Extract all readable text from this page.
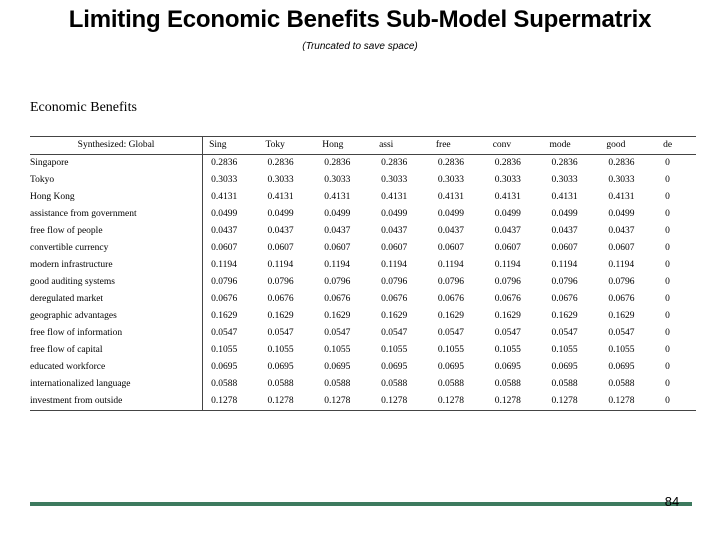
Limiting Economic Benefits Sub-Model Supermatrix
(Truncated to save space)
Economic Benefits
Synthesized: Global	Sing	Toky	Hong	assi	free	conv	mode	good	de
Singapore	0.2836	0.2836	0.2836	0.2836	0.2836	0.2836	0.2836	0.2836	0
Tokyo	0.3033	0.3033	0.3033	0.3033	0.3033	0.3033	0.3033	0.3033	0
Hong Kong	0.4131	0.4131	0.4131	0.4131	0.4131	0.4131	0.4131	0.4131	0
assistance from government	0.0499	0.0499	0.0499	0.0499	0.0499	0.0499	0.0499	0.0499	0
free flow of people	0.0437	0.0437	0.0437	0.0437	0.0437	0.0437	0.0437	0.0437	0
convertible currency	0.0607	0.0607	0.0607	0.0607	0.0607	0.0607	0.0607	0.0607	0
modern infrastructure	0.1194	0.1194	0.1194	0.1194	0.1194	0.1194	0.1194	0.1194	0
good auditing systems	0.0796	0.0796	0.0796	0.0796	0.0796	0.0796	0.0796	0.0796	0
deregulated market	0.0676	0.0676	0.0676	0.0676	0.0676	0.0676	0.0676	0.0676	0
geographic advantages	0.1629	0.1629	0.1629	0.1629	0.1629	0.1629	0.1629	0.1629	0
free flow of information	0.0547	0.0547	0.0547	0.0547	0.0547	0.0547	0.0547	0.0547	0
free flow of capital	0.1055	0.1055	0.1055	0.1055	0.1055	0.1055	0.1055	0.1055	0
educated workforce	0.0695	0.0695	0.0695	0.0695	0.0695	0.0695	0.0695	0.0695	0
internationalized language	0.0588	0.0588	0.0588	0.0588	0.0588	0.0588	0.0588	0.0588	0
investment from outside	0.1278	0.1278	0.1278	0.1278	0.1278	0.1278	0.1278	0.1278	0
84
